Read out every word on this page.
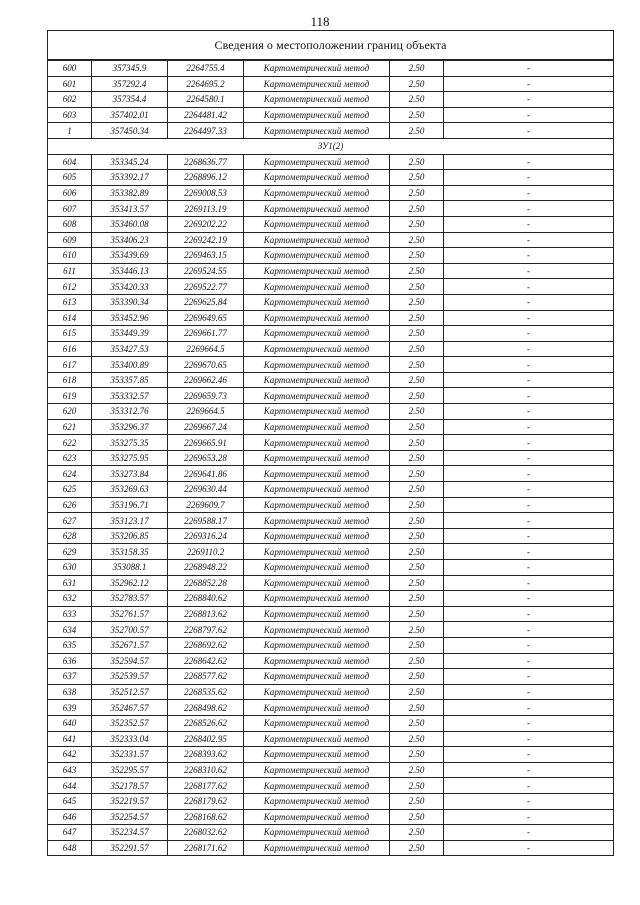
118
Сведения о местоположении границ объекта					
600	357345.9	2264755.4	Картометрический метод	2.50	-
601	357292.4	2264695.2	Картометрический метод	2.50	-
602	357354.4	2264580.1	Картометрический метод	2.50	-
603	357402.01	2264481.42	Картометрический метод	2.50	-
1	357450.34	2264497.33	Картометрический метод	2.50	-
ЗУ1(2)					
604	353345.24	2268636.77	Картометрический метод	2.50	-
605	353392.17	2268896.12	Картометрический метод	2.50	-
606	353382.89	2269008.53	Картометрический метод	2.50	-
607	353413.57	2269113.19	Картометрический метод	2.50	-
608	353460.08	2269202.22	Картометрический метод	2.50	-
609	353406.23	2269242.19	Картометрический метод	2.50	-
610	353439.69	2269463.15	Картометрический метод	2.50	-
611	353446.13	2269524.55	Картометрический метод	2.50	-
612	353420.33	2269522.77	Картометрический метод	2.50	-
613	353390.34	2269625.84	Картометрический метод	2.50	-
614	353452.96	2269649.65	Картометрический метод	2.50	-
615	353449.39	2269661.77	Картометрический метод	2.50	-
616	353427.53	2269664.5	Картометрический метод	2.50	-
617	353400.89	2269670.65	Картометрический метод	2.50	-
618	353357.85	2269662.46	Картометрический метод	2.50	-
619	353332.57	2269659.73	Картометрический метод	2.50	-
620	353312.76	2269664.5	Картометрический метод	2.50	-
621	353296.37	2269667.24	Картометрический метод	2.50	-
622	353275.35	2269665.91	Картометрический метод	2.50	-
623	353275.95	2269653.28	Картометрический метод	2.50	-
624	353273.84	2269641.86	Картометрический метод	2.50	-
625	353269.63	2269630.44	Картометрический метод	2.50	-
626	353196.71	2269609.7	Картометрический метод	2.50	-
627	353123.17	2269588.17	Картометрический метод	2.50	-
628	353206.85	2269316.24	Картометрический метод	2.50	-
629	353158.35	2269110.2	Картометрический метод	2.50	-
630	353088.1	2268948.22	Картометрический метод	2.50	-
631	352962.12	2268852.28	Картометрический метод	2.50	-
632	352783.57	2268840.62	Картометрический метод	2.50	-
633	352761.57	2268813.62	Картометрический метод	2.50	-
634	352700.57	2268797.62	Картометрический метод	2.50	-
635	352671.57	2268692.62	Картометрический метод	2.50	-
636	352594.57	2268642.62	Картометрический метод	2.50	-
637	352539.57	2268577.62	Картометрический метод	2.50	-
638	352512.57	2268535.62	Картометрический метод	2.50	-
639	352467.57	2268498.62	Картометрический метод	2.50	-
640	352352.57	2268526.62	Картометрический метод	2.50	-
641	352333.04	2268402.95	Картометрический метод	2.50	-
642	352331.57	2268393.62	Картометрический метод	2.50	-
643	352295.57	2268310.62	Картометрический метод	2.50	-
644	352178.57	2268177.62	Картометрический метод	2.50	-
645	352219.57	2268179.62	Картометрический метод	2.50	-
646	352254.57	2268168.62	Картометрический метод	2.50	-
647	352234.57	2268032.62	Картометрический метод	2.50	-
648	352291.57	2268171.62	Картометрический метод	2.50	-
